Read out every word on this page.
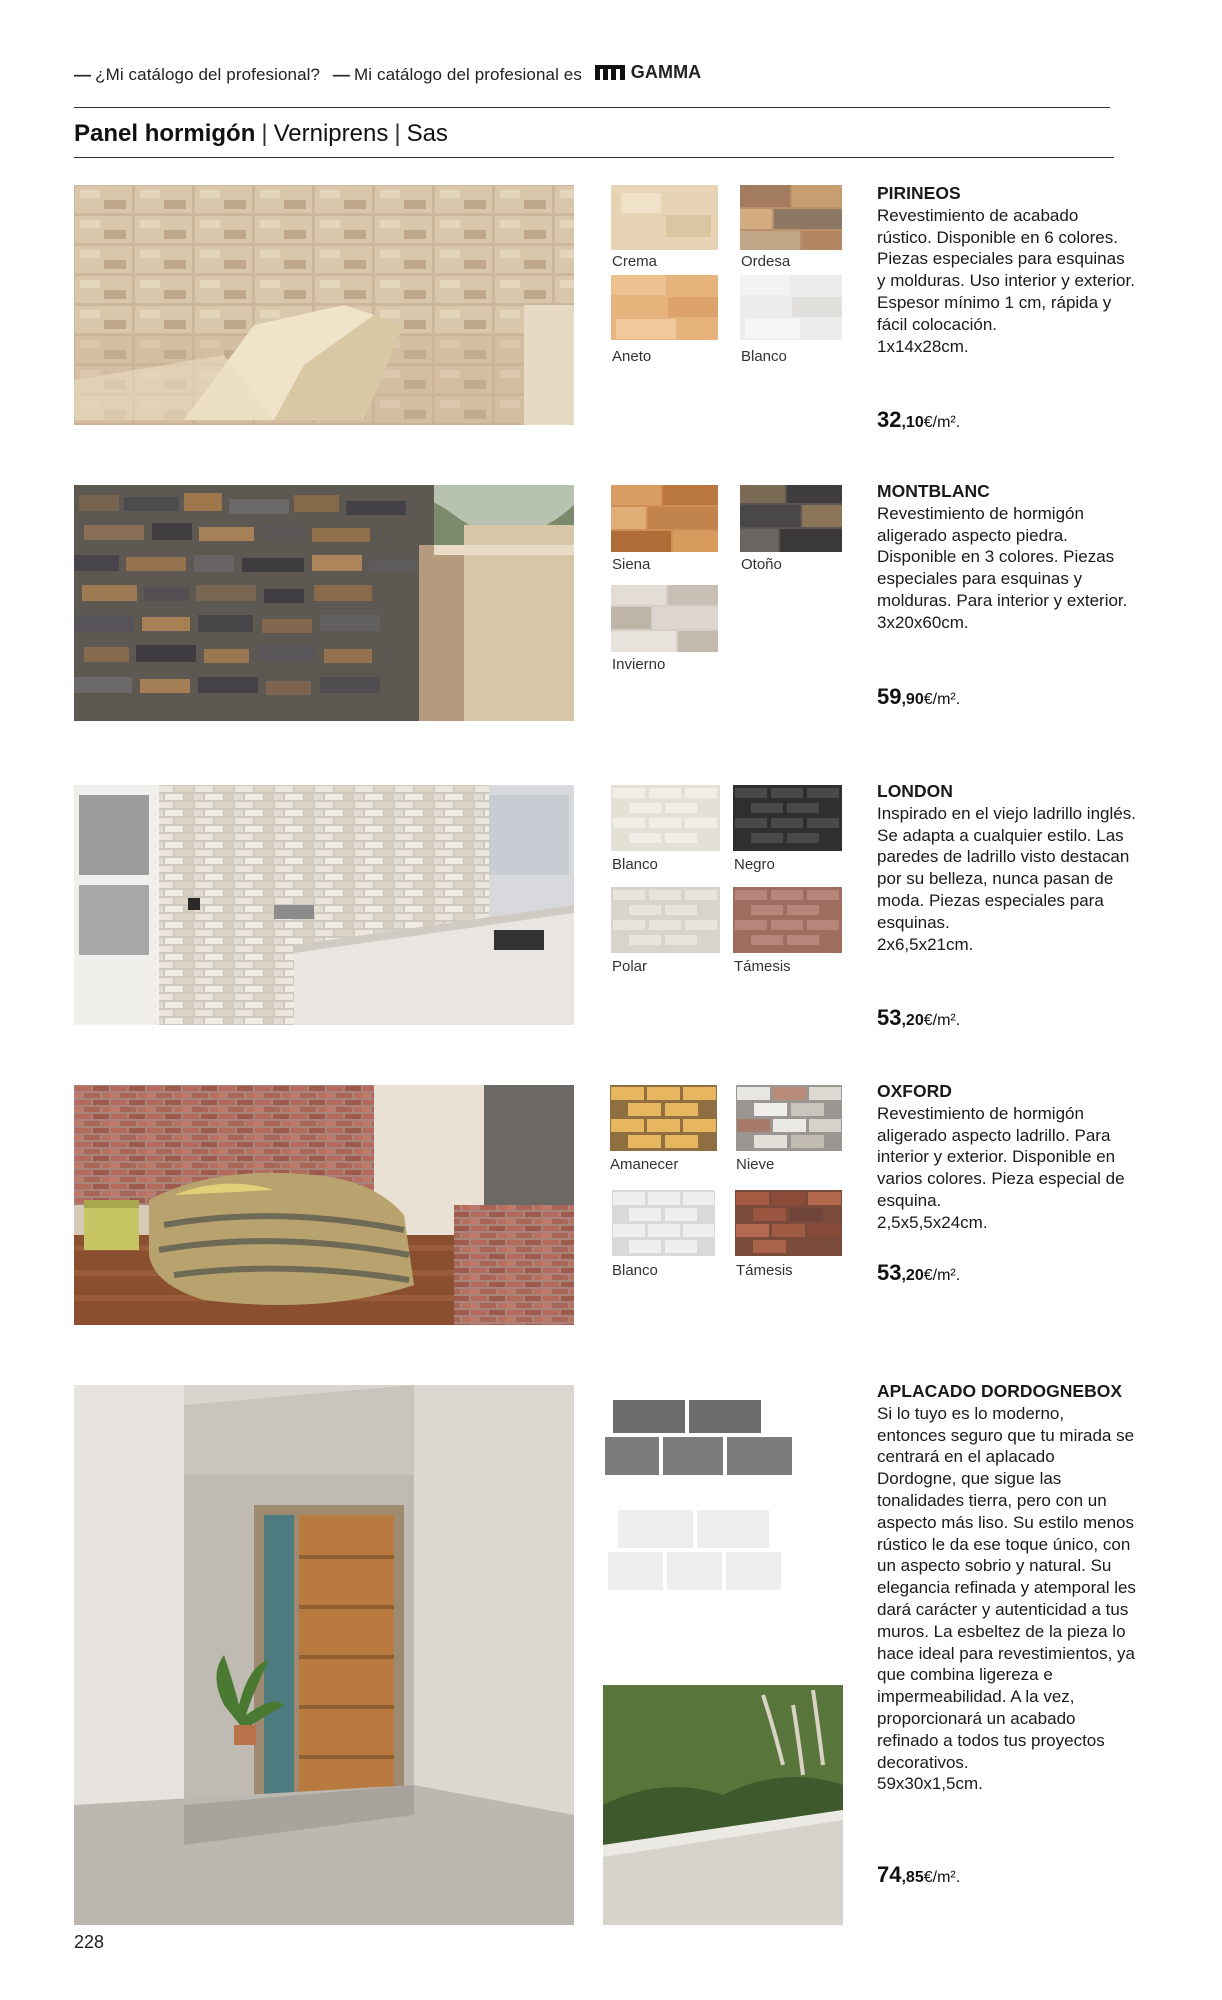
— ¿Mi catálogo del profesional? — Mi catálogo del profesional es	GAMMA
Panel hormigón | Verniprens | Sas
Crema	Ordesa
Aneto	Blanco
PIRINEOS
Revestimiento de acabado rústico. Disponible en 6 colores. Piezas especiales para esquinas y molduras. Uso interior y exterior. Espesor mínimo 1 cm, rápida y fácil colocación.
1x14x28cm.
32,10€/m².
Siena	Otoño
Invierno
MONTBLANC
Revestimiento de hormigón aligerado aspecto piedra. Disponible en 3 colores. Piezas especiales para esquinas y molduras. Para interior y exterior.
3x20x60cm.
59,90€/m².
Blanco	Negro
Polar	Támesis
LONDON
Inspirado en el viejo ladrillo inglés. Se adapta a cualquier estilo. Las paredes de ladrillo visto destacan por su belleza, nunca pasan de moda. Piezas especiales para esquinas.
2x6,5x21cm.
53,20€/m².
Amanecer	Nieve
Blanco	Támesis
OXFORD
Revestimiento de hormigón aligerado aspecto ladrillo. Para interior y exterior. Disponible en varios colores. Pieza especial de esquina.
2,5x5,5x24cm.
53,20€/m².
APLACADO DORDOGNEBOX
Si lo tuyo es lo moderno, entonces seguro que tu mirada se centrará en el aplacado Dordogne, que sigue las tonalidades tierra, pero con un aspecto más liso. Su estilo menos rústico le da ese toque único, con un aspecto sobrio y natural. Su elegancia refinada y atemporal les dará carácter y autenticidad a tus muros. La esbeltez de la pieza lo hace ideal para revestimientos, ya que combina ligereza e impermeabilidad. A la vez, proporcionará un acabado refinado a todos tus proyectos decorativos.
59x30x1,5cm.
74,85€/m².
228
